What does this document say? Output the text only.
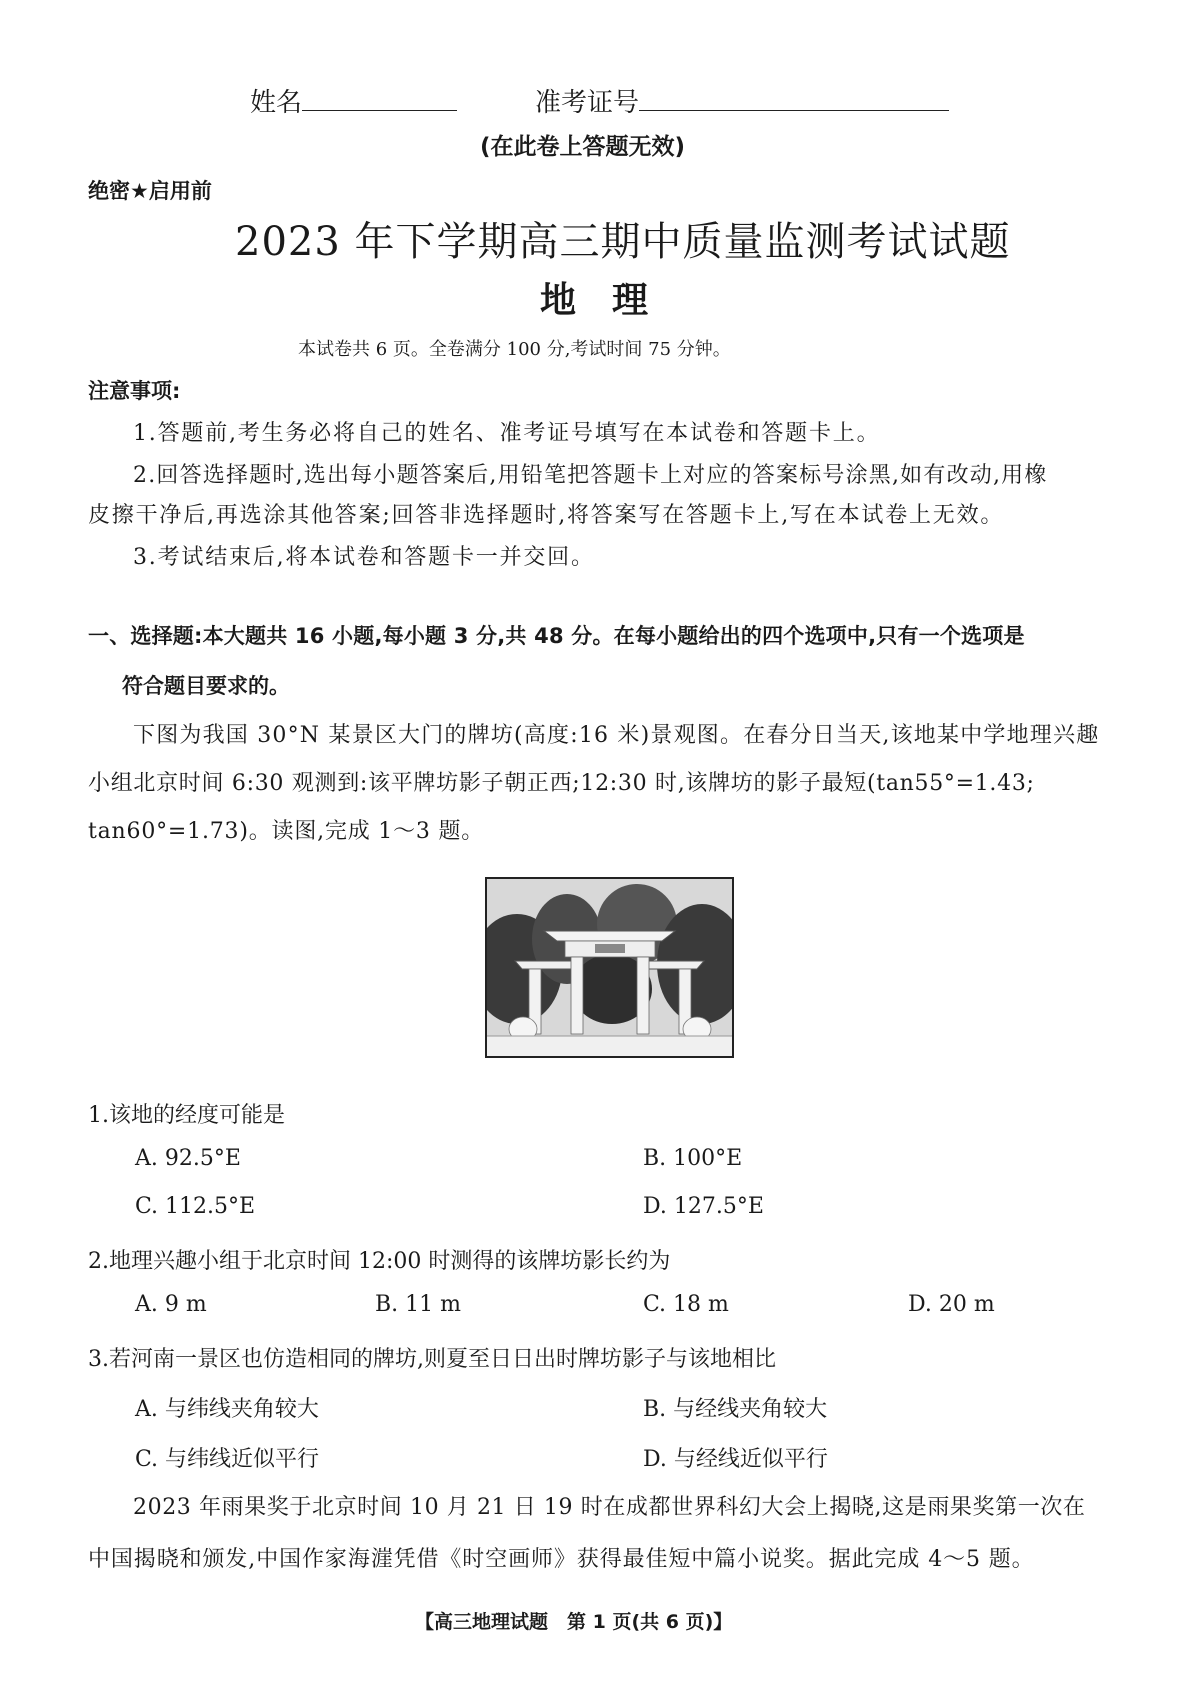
姓名	准考证号
(在此卷上答题无效)
绝密★启用前
2023 年下学期高三期中质量监测考试试题
地　理
本试卷共 6 页。全卷满分 100 分,考试时间 75 分钟。
注意事项:
1.答题前,考生务必将自己的姓名、准考证号填写在本试卷和答题卡上。
2.回答选择题时,选出每小题答案后,用铅笔把答题卡上对应的答案标号涂黑,如有改动,用橡
皮擦干净后,再选涂其他答案;回答非选择题时,将答案写在答题卡上,写在本试卷上无效。
3.考试结束后,将本试卷和答题卡一并交回。
一、选择题:本大题共 16 小题,每小题 3 分,共 48 分。在每小题给出的四个选项中,只有一个选项是
符合题目要求的。
下图为我国 30°N 某景区大门的牌坊(高度:16 米)景观图。在春分日当天,该地某中学地理兴趣
小组北京时间 6:30 观测到:该平牌坊影子朝正西;12:30 时,该牌坊的影子最短(tan55°=1.43;
tan60°=1.73)。读图,完成 1～3 题。
1.该地的经度可能是
A. 92.5°E	B. 100°E
C. 112.5°E	D. 127.5°E
2.地理兴趣小组于北京时间 12:00 时测得的该牌坊影长约为
A. 9 m	B. 11 m	C. 18 m	D. 20 m
3.若河南一景区也仿造相同的牌坊,则夏至日日出时牌坊影子与该地相比
A. 与纬线夹角较大	B. 与经线夹角较大
C. 与纬线近似平行	D. 与经线近似平行
2023 年雨果奖于北京时间 10 月 21 日 19 时在成都世界科幻大会上揭晓,这是雨果奖第一次在
中国揭晓和颁发,中国作家海漄凭借《时空画师》获得最佳短中篇小说奖。据此完成 4～5 题。
【高三地理试题　第 1 页(共 6 页)】
